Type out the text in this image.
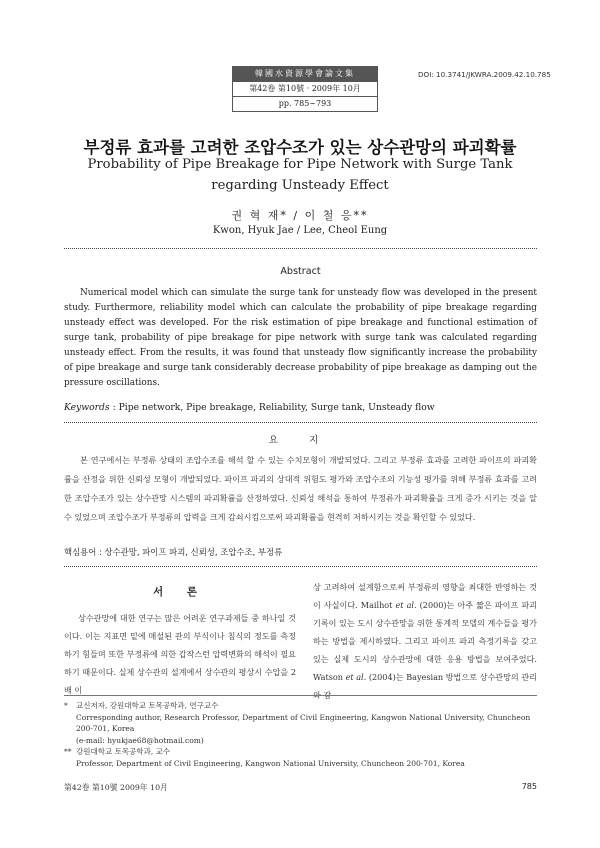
韓國水資源學會論文集
第42卷 第10號 · 2009年 10月
pp. 785∼793
DOI: 10.3741/JKWRA.2009.42.10.785
부정류 효과를 고려한 조압수조가 있는 상수관망의 파괴확률
Probability of Pipe Breakage for Pipe Network with Surge Tank regarding Unsteady Effect
권 혁 재* / 이 철 응**
Kwon, Hyuk Jae / Lee, Cheol Eung
Abstract
Numerical model which can simulate the surge tank for unsteady flow was developed in the present study. Furthermore, reliability model which can calculate the probability of pipe breakage regarding unsteady effect was developed. For the risk estimation of pipe breakage and functional estimation of surge tank, probability of pipe breakage for pipe network with surge tank was calculated regarding unsteady effect. From the results, it was found that unsteady flow significantly increase the probability of pipe breakage and surge tank considerably decrease probability of pipe breakage as damping out the pressure oscillations.
Keywords : Pipe network, Pipe breakage, Reliability, Surge tank, Unsteady flow
요 지
본 연구에서는 부정류 상태의 조압수조를 해석 할 수 있는 수치모형이 개발되었다. 그리고 부정류 효과를 고려한 파이프의 파괴확률을 산정을 위한 신뢰성 모형이 개발되었다. 파이프 파괴의 상대적 위험도 평가와 조압수조의 기능성 평가를 위해 부정류 효과를 고려한 조압수조가 있는 상수관망 시스템의 파괴확률을 산정하였다. 신뢰성 해석을 통하여 부정류가 파괴확률을 크게 증가 시키는 것을 알 수 있었으며 조압수조가 부정류의 압력을 크게 감쇠시킴으로써 파괴확률을 현격히 저하시키는 것을 확인할 수 있었다.
핵심용어 : 상수관망, 파이프 파괴, 신뢰성, 조압수조, 부정류
서 론
상수관망에 대한 연구는 많은 어려운 연구과제들 중 하나일 것이다. 이는 지표면 밑에 매설된 관의 부식이나 침식의 정도를 측정하기 힘들며 또한 부정류에 의한 갑작스런 압력변화의 해석이 필요하기 때문이다. 실제 상수관의 설계에서 상수관의 평상시 수압을 2배 이
상 고려하여 설계함으로써 부정류의 영향을 최대한 반영하는 것이 사실이다. Mailhot et al. (2000)는 아주 짧은 파이프 파괴 기록이 있는 도시 상수관망을 위한 통계적 모델의 계수들을 평가하는 방법을 제시하였다. 그리고 파이프 파괴 측정기록을 갖고 있는 실제 도시의 상수관망에 대한 응용 방법을 보여주었다. Watson et al. (2004)는 Bayesian 방법으로 상수관망의 관리와 감
* 교신저자, 강원대학교 토목공학과, 연구교수
Corresponding author, Research Professor, Department of Civil Engineering, Kangwon National University, Chuncheon 200-701, Korea
(e-mail: hyukjae68@hotmail.com)
** 강원대학교 토목공학과, 교수
Professor, Department of Civil Engineering, Kangwon National University, Chuncheon 200-701, Korea
第42卷 第10號 2009年 10月	785
